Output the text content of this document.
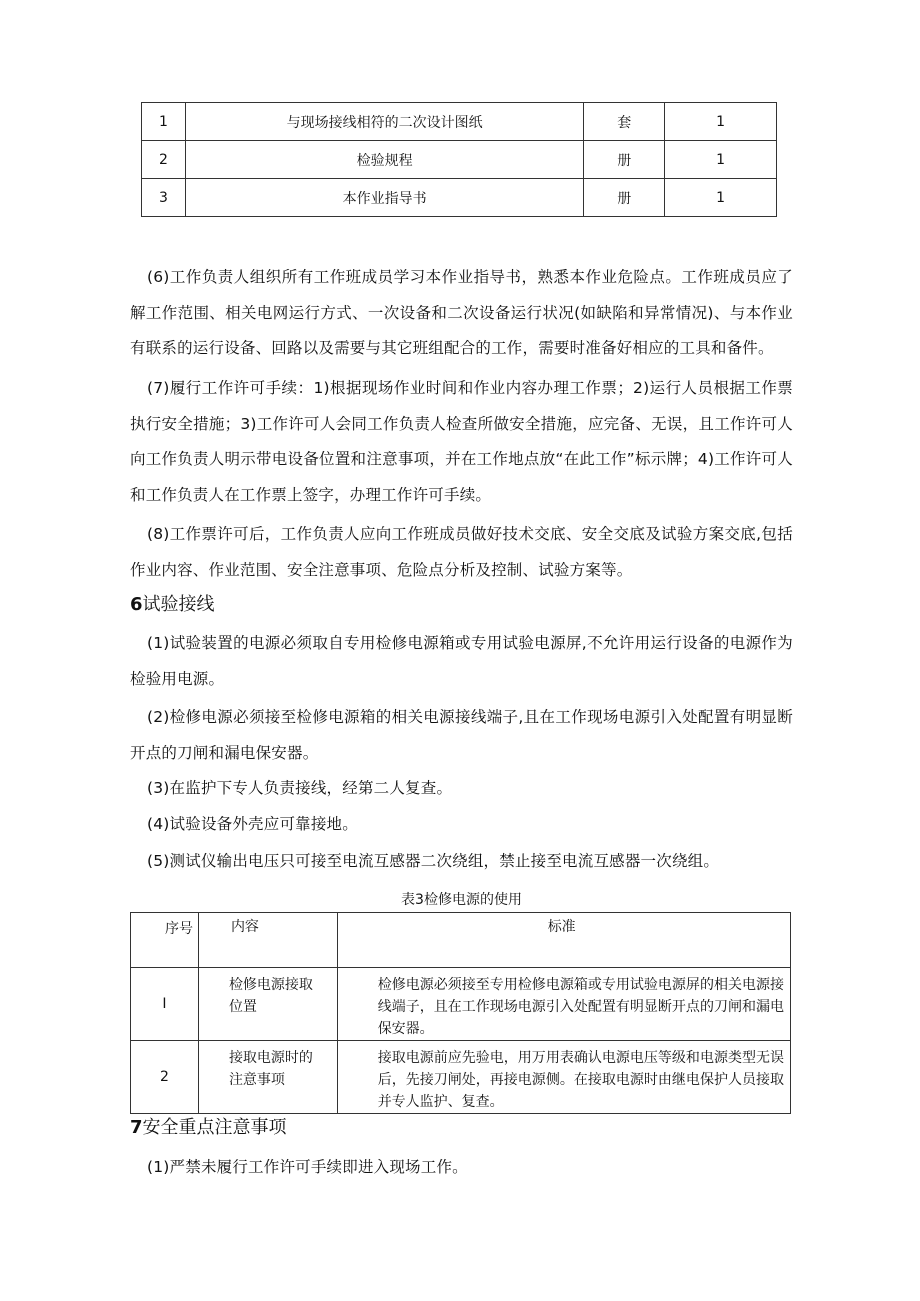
1	与现场接线相符的二次设计图纸	套	1
2	检验规程	册	1
3	本作业指导书	册	1
(6)工作负责人组织所有工作班成员学习本作业指导书，熟悉本作业危险点。工作班成员应了解工作范围、相关电网运行方式、一次设备和二次设备运行状况(如缺陷和异常情况)、与本作业有联系的运行设备、回路以及需要与其它班组配合的工作，需要时准备好相应的工具和备件。
(7)履行工作许可手续：1)根据现场作业时间和作业内容办理工作票；2)运行人员根据工作票执行安全措施；3)工作许可人会同工作负责人检查所做安全措施，应完备、无误，且工作许可人向工作负责人明示带电设备位置和注意事项，并在工作地点放“在此工作”标示牌；4)工作许可人和工作负责人在工作票上签字，办理工作许可手续。
(8)工作票许可后，工作负责人应向工作班成员做好技术交底、安全交底及试验方案交底,包括作业内容、作业范围、安全注意事项、危险点分析及控制、试验方案等。
6试验接线
(1)试验装置的电源必须取自专用检修电源箱或专用试验电源屏,不允许用运行设备的电源作为检验用电源。
(2)检修电源必须接至检修电源箱的相关电源接线端子,且在工作现场电源引入处配置有明显断开点的刀闸和漏电保安器。
(3)在监护下专人负责接线，经第二人复查。
(4)试验设备外壳应可靠接地。
(5)测试仪输出电压只可接至电流互感器二次绕组，禁止接至电流互感器一次绕组。
表3检修电源的使用
序号	内容	标准
I	检修电源接取位置	检修电源必须接至专用检修电源箱或专用试验电源屏的相关电源接线端子，且在工作现场电源引入处配置有明显断开点的刀闸和漏电保安器。
2	接取电源时的注意事项	接取电源前应先验电，用万用表确认电源电压等级和电源类型无误后，先接刀闸处，再接电源侧。在接取电源时由继电保护人员接取并专人监护、复查。
7安全重点注意事项
(1)严禁未履行工作许可手续即进入现场工作。
